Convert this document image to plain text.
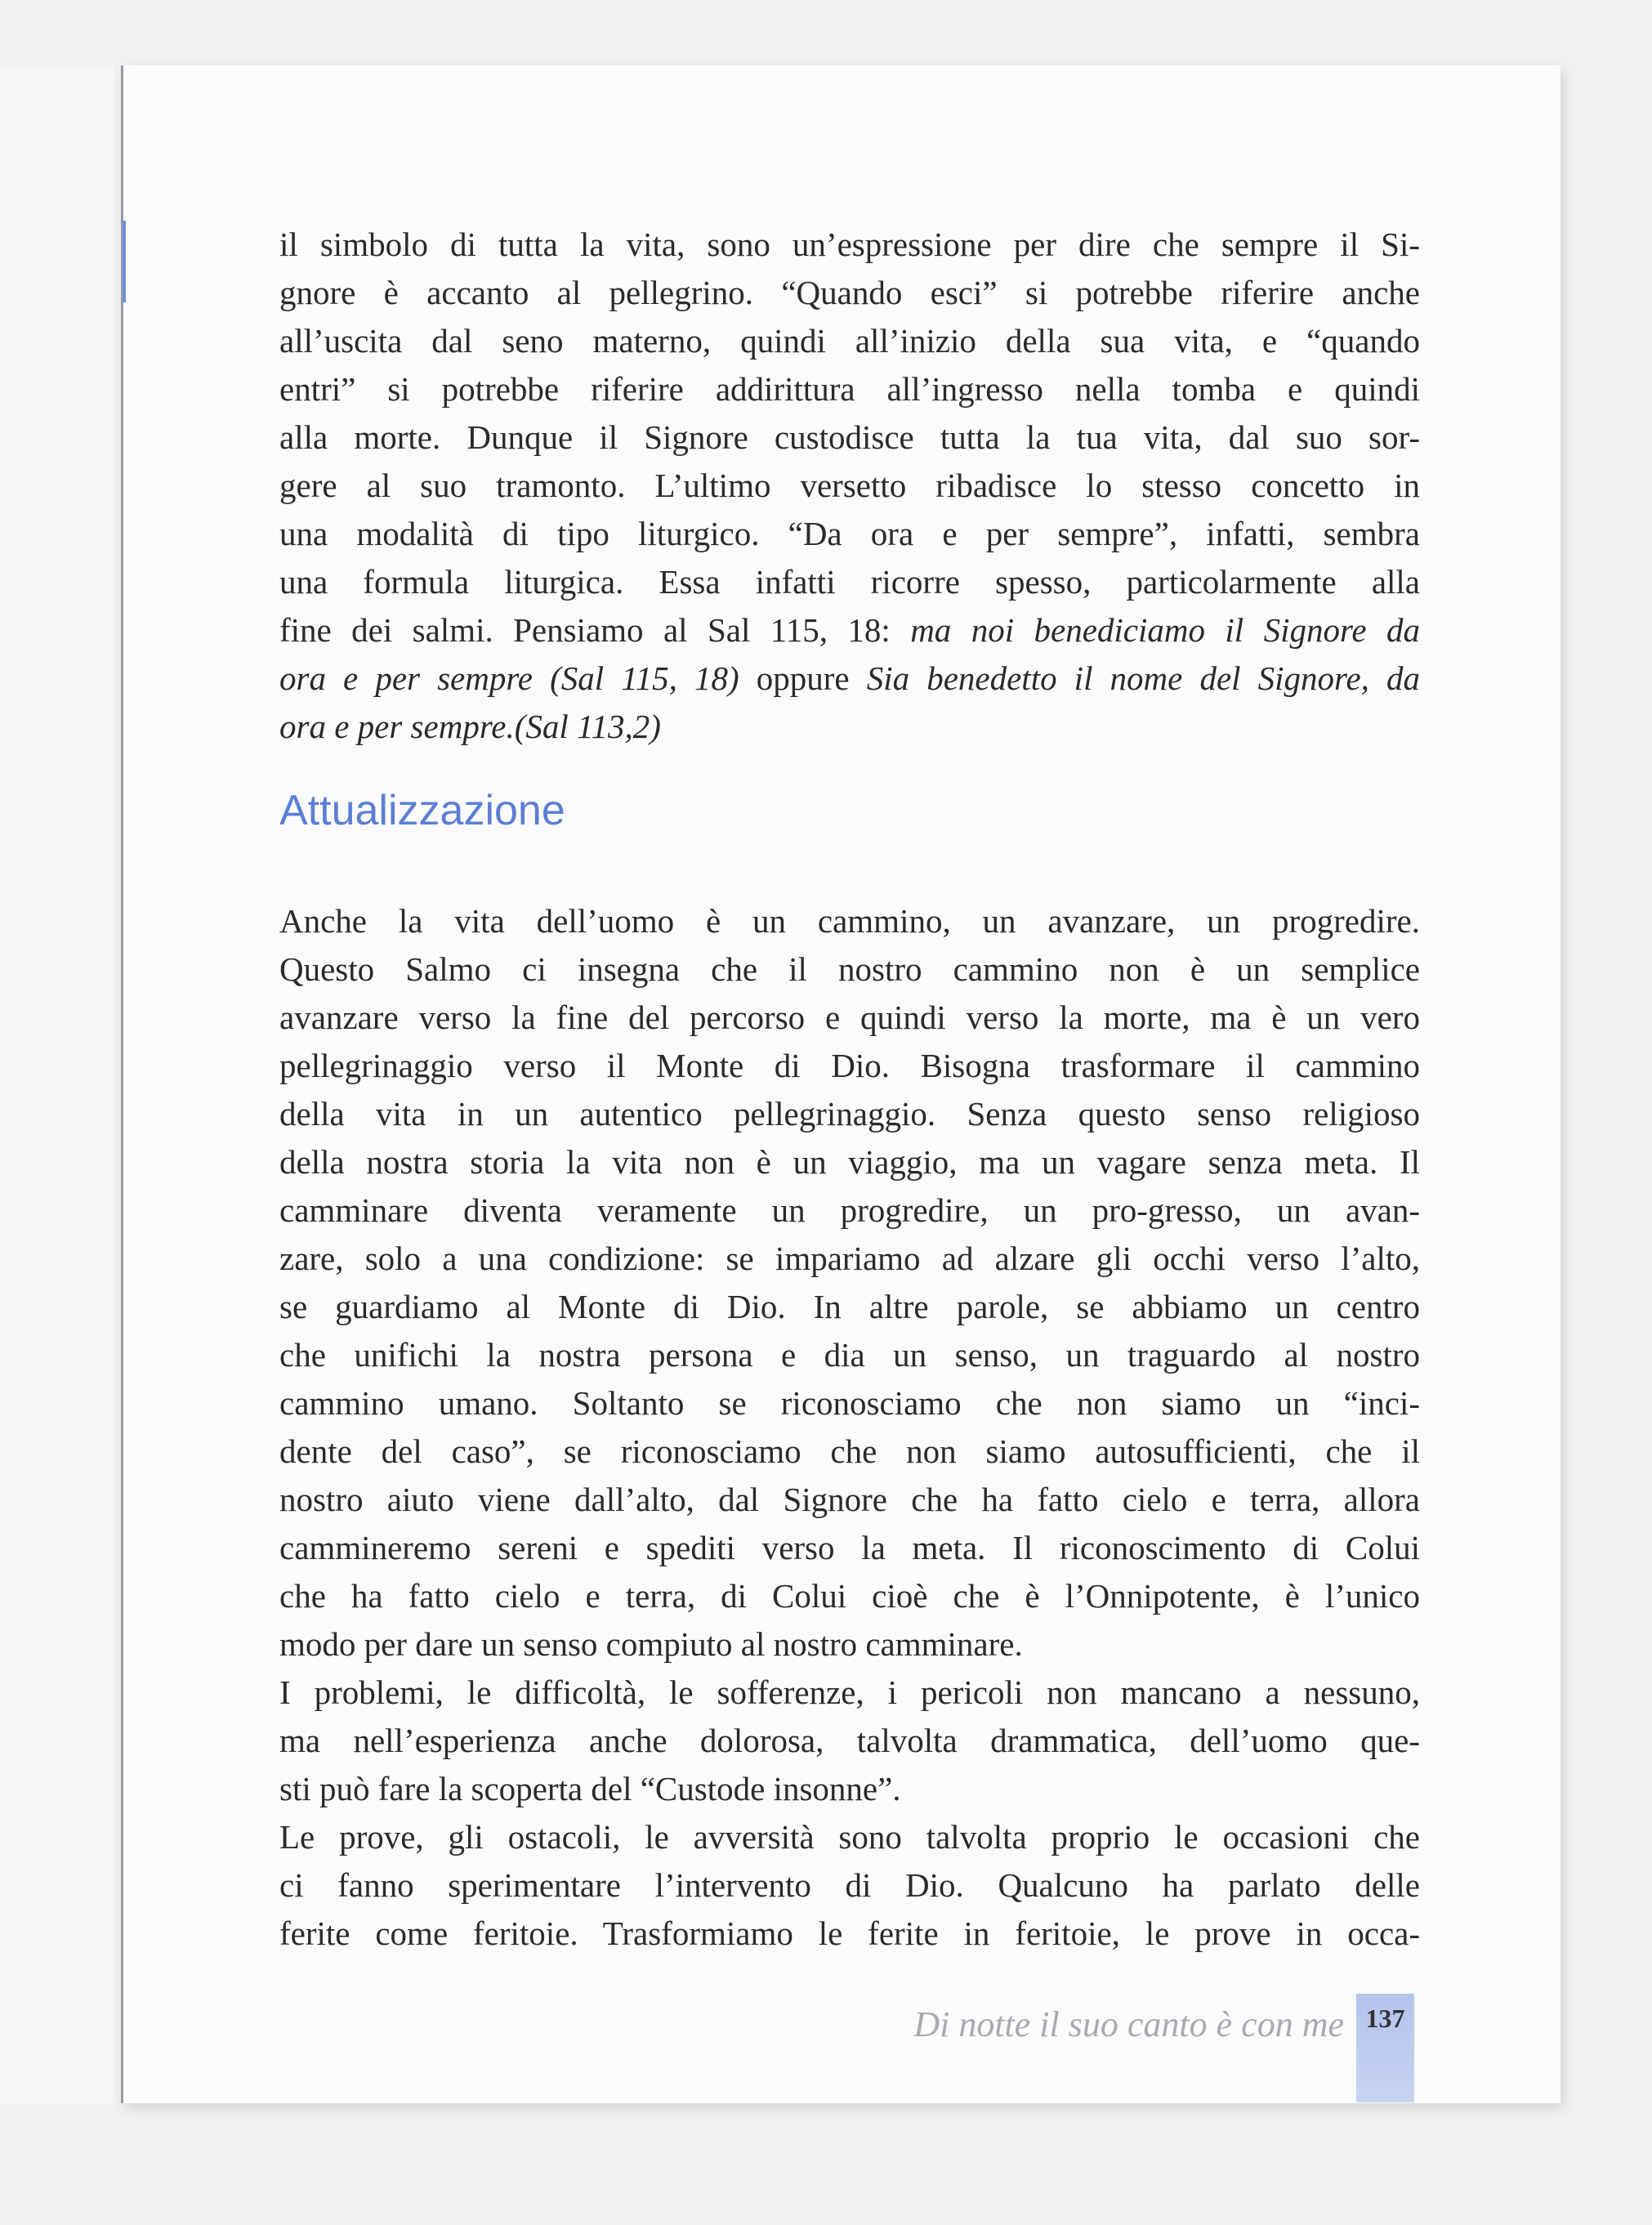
il simbolo di tutta la vita, sono un’espressione per dire che sempre il Si-
gnore è accanto al pellegrino. “Quando esci” si potrebbe riferire anche
all’uscita dal seno materno, quindi all’inizio della sua vita, e “quando
entri” si potrebbe riferire addirittura all’ingresso nella tomba e quindi
alla morte. Dunque il Signore custodisce tutta la tua vita, dal suo sor-
gere al suo tramonto. L’ultimo versetto ribadisce lo stesso concetto in
una modalità di tipo liturgico. “Da ora e per sempre”, infatti, sembra
una formula liturgica. Essa infatti ricorre spesso, particolarmente alla
fine dei salmi. Pensiamo al Sal 115, 18: ma noi benediciamo il Signore da
ora e per sempre (Sal 115, 18) oppure Sia benedetto il nome del Signore, da
ora e per sempre.(Sal 113,2)
Attualizzazione
Anche la vita dell’uomo è un cammino, un avanzare, un progredire.
Questo Salmo ci insegna che il nostro cammino non è un semplice
avanzare verso la fine del percorso e quindi verso la morte, ma è un vero
pellegrinaggio verso il Monte di Dio. Bisogna trasformare il cammino
della vita in un autentico pellegrinaggio. Senza questo senso religioso
della nostra storia la vita non è un viaggio, ma un vagare senza meta. Il
camminare diventa veramente un progredire, un pro-gresso, un avan-
zare, solo a una condizione: se impariamo ad alzare gli occhi verso l’alto,
se guardiamo al Monte di Dio. In altre parole, se abbiamo un centro
che unifichi la nostra persona e dia un senso, un traguardo al nostro
cammino umano. Soltanto se riconosciamo che non siamo un “inci-
dente del caso”, se riconosciamo che non siamo autosufficienti, che il
nostro aiuto viene dall’alto, dal Signore che ha fatto cielo e terra, allora
cammineremo sereni e spediti verso la meta. Il riconoscimento di Colui
che ha fatto cielo e terra, di Colui cioè che è l’Onnipotente, è l’unico
modo per dare un senso compiuto al nostro camminare.
I problemi, le difficoltà, le sofferenze, i pericoli non mancano a nessuno,
ma nell’esperienza anche dolorosa, talvolta drammatica, dell’uomo que-
sti può fare la scoperta del “Custode insonne”.
Le prove, gli ostacoli, le avversità sono talvolta proprio le occasioni che
ci fanno sperimentare l’intervento di Dio. Qualcuno ha parlato delle
ferite come feritoie. Trasformiamo le ferite in feritoie, le prove in occa-
Di notte il suo canto è con me 137
